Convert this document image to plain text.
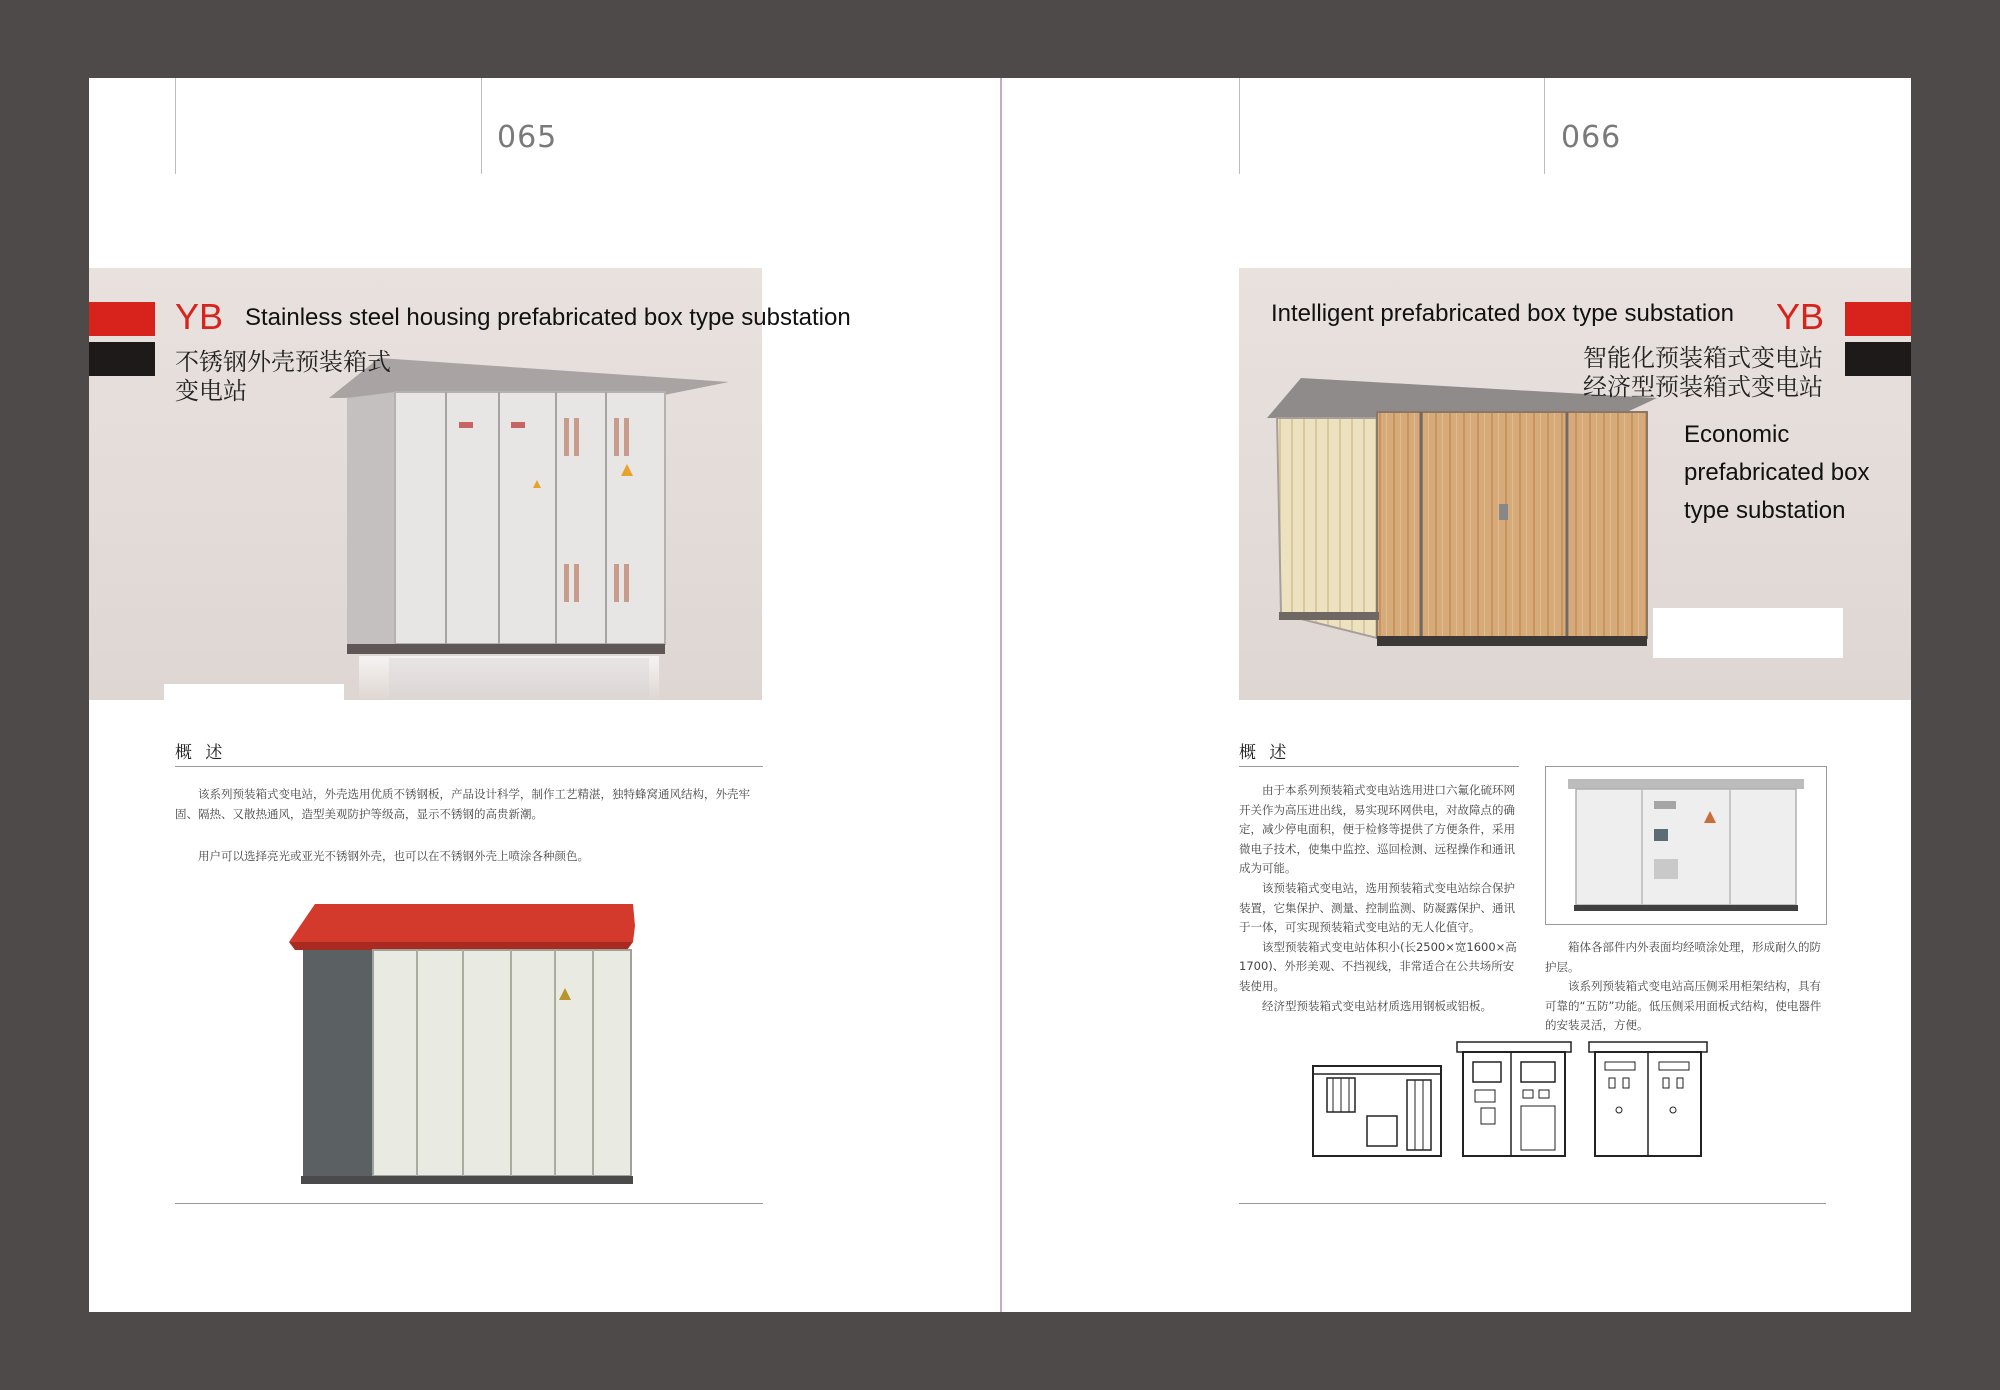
065
YB Stainless steel housing prefabricated box type substation
不锈钢外壳预装箱式
变电站
概 述

该系列预装箱式变电站，外壳选用优质不锈钢板，产品设计科学，制作工艺精湛，独特蜂窝通风结构，外壳牢固、隔热、又散热通风，造型美观防护等级高，显示不锈钢的高贵新潮。

用户可以选择亮光或亚光不锈钢外壳，也可以在不锈钢外壳上喷涂各种颜色。

066
Intelligent prefabricated box type substation YB
智能化预装箱式变电站
经济型预装箱式变电站
Economic
prefabricated box
type substation
概 述

由于本系列预装箱式变电站选用进口六氟化硫环网开关作为高压进出线，易实现环网供电，对故障点的确定，减少停电面积，便于检修等提供了方便条件，采用微电子技术，使集中监控、巡回检测、远程操作和通讯成为可能。

该预装箱式变电站，选用预装箱式变电站综合保护装置，它集保护、测量、控制监测、防凝露保护、通讯于一体，可实现预装箱式变电站的无人化值守。

该型预装箱式变电站体积小(长2500×宽1600×高1700)、外形美观、不挡视线，非常适合在公共场所安装使用。

经济型预装箱式变电站材质选用钢板或铝板。

箱体各部件内外表面均经喷涂处理，形成耐久的防护层。

该系列预装箱式变电站高压侧采用柜架结构，具有可靠的“五防”功能。低压侧采用面板式结构，使电器件的安装灵活，方便。
